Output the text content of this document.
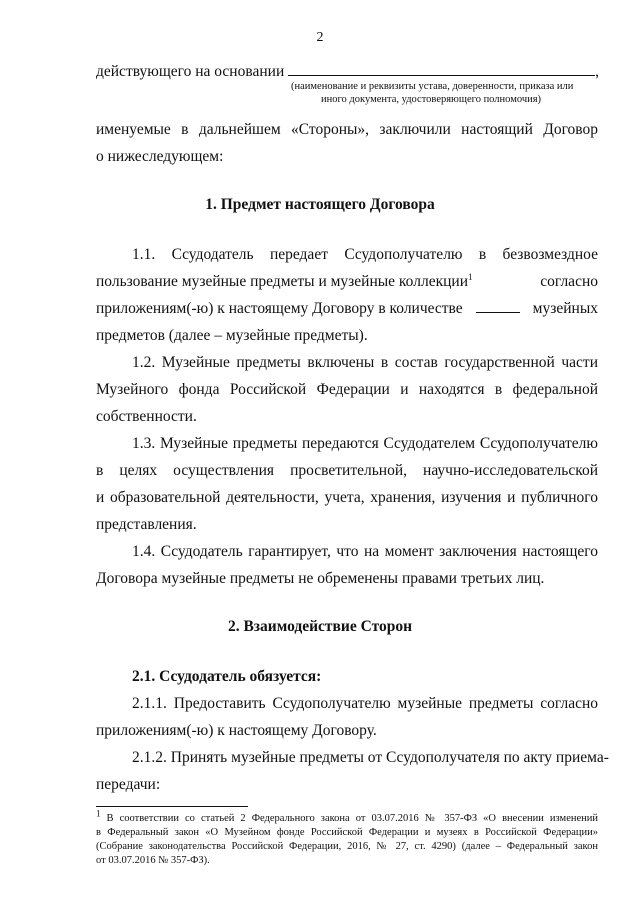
2
действующего на основании	,
(наименование и реквизиты устава, доверенности, приказа или
иного документа, удостоверяющего полномочия)
именуемые в дальнейшем «Стороны», заключили настоящий Договор
о нижеследующем:
1. Предмет настоящего Договора
1.1. Ссудодатель передает Ссудополучателю в безвозмездное
пользование музейные предметы и музейные коллекции$^1$	согласно
приложениям(-ю) к настоящему Договору в количестве	музейных
предметов (далее – музейные предметы).
1.2. Музейные предметы включены в состав государственной части
Музейного фонда Российской Федерации и находятся в федеральной
собственности.
1.3. Музейные предметы передаются Ссудодателем Ссудополучателю
в целях осуществления просветительной, научно-исследовательской
и образовательной деятельности, учета, хранения, изучения и публичного
представления.
1.4. Ссудодатель гарантирует, что на момент заключения настоящего
Договора музейные предметы не обременены правами третьих лиц.
2. Взаимодействие Сторон
2.1. Ссудодатель обязуется:
2.1.1. Предоставить Ссудополучателю музейные предметы согласно
приложениям(-ю) к настоящему Договору.
2.1.2. Принять музейные предметы от Ссудополучателя по акту приема-
передачи:
$^1$ В соответствии со статьей 2 Федерального закона от 03.07.2016 № 357-ФЗ «О внесении изменений
в Федеральный закон «О Музейном фонде Российской Федерации и музеях в Российской Федерации»
(Собрание законодательства Российской Федерации, 2016, № 27, ст. 4290) (далее – Федеральный закон
от 03.07.2016 № 357-ФЗ).
